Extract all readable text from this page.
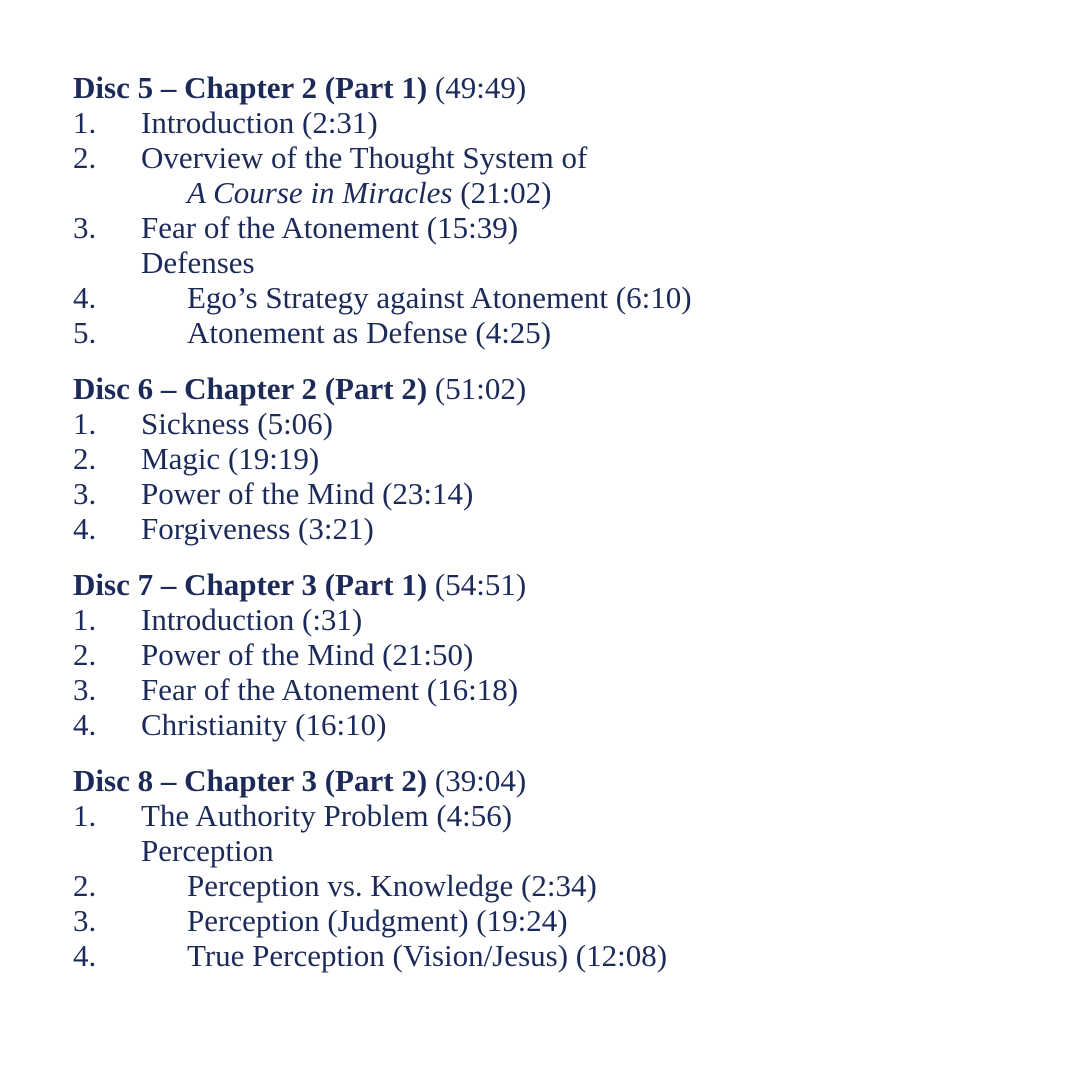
Disc 5 – Chapter 2 (Part 1) (49:49)
1.	Introduction (2:31)
2.	Overview of the Thought System of
A Course in Miracles (21:02)
3.	Fear of the Atonement (15:39)
Defenses
4.	Ego’s Strategy against Atonement (6:10)
5.	Atonement as Defense (4:25)
Disc 6 – Chapter 2 (Part 2) (51:02)
1.	Sickness (5:06)
2.	Magic (19:19)
3.	Power of the Mind (23:14)
4.	Forgiveness (3:21)
Disc 7 – Chapter 3 (Part 1) (54:51)
1.	Introduction (:31)
2.	Power of the Mind (21:50)
3.	Fear of the Atonement (16:18)
4.	Christianity (16:10)
Disc 8 – Chapter 3 (Part 2) (39:04)
1.	The Authority Problem (4:56)
Perception
2.	Perception vs. Knowledge (2:34)
3.	Perception (Judgment) (19:24)
4.	True Perception (Vision/Jesus) (12:08)
